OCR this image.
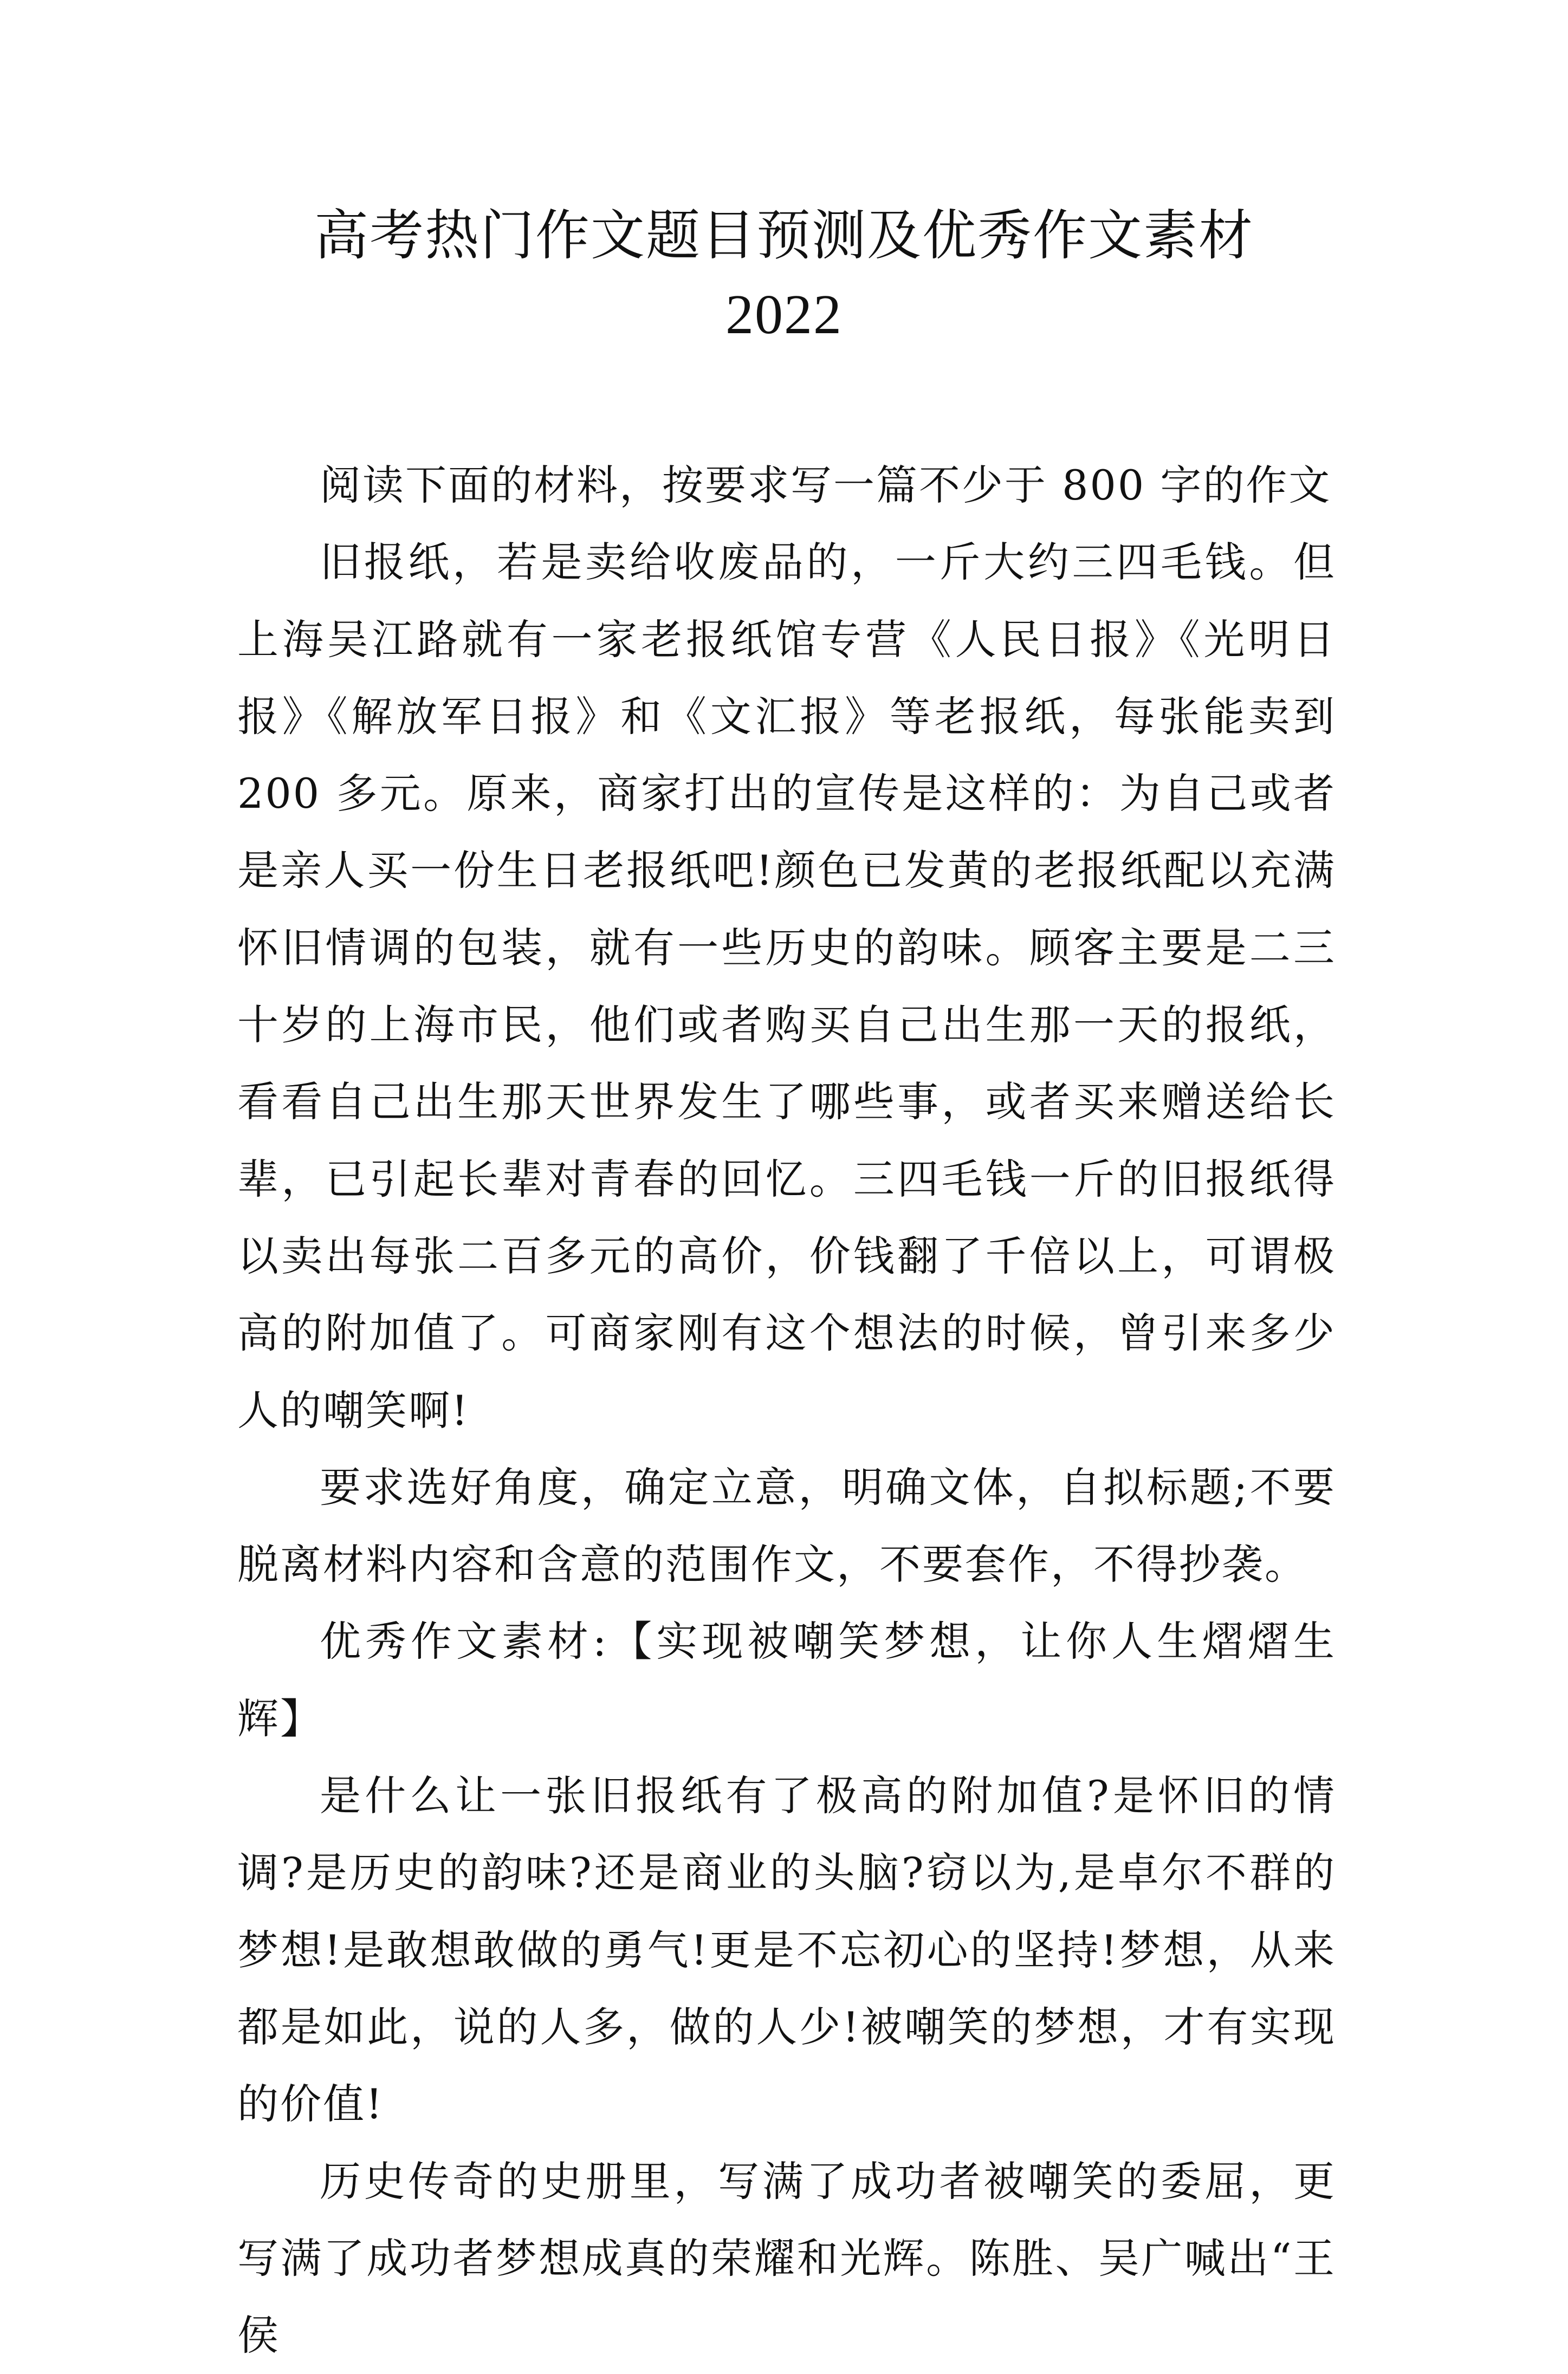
高考热门作文题目预测及优秀作文素材
2022

阅读下面的材料，按要求写一篇不少于 800 字的作文

旧报纸，若是卖给收废品的，一斤大约三四毛钱。但上海吴江路就有一家老报纸馆专营《人民日报》《光明日报》《解放军日报》和《文汇报》等老报纸，每张能卖到 200 多元。原来，商家打出的宣传是这样的：为自己或者是亲人买一份生日老报纸吧!颜色已发黄的老报纸配以充满怀旧情调的包装，就有一些历史的韵味。顾客主要是二三十岁的上海市民，他们或者购买自己出生那一天的报纸，看看自己出生那天世界发生了哪些事，或者买来赠送给长辈，已引起长辈对青春的回忆。三四毛钱一斤的旧报纸得以卖出每张二百多元的高价，价钱翻了千倍以上，可谓极高的附加值了。可商家刚有这个想法的时候，曾引来多少人的嘲笑啊!

要求选好角度，确定立意，明确文体，自拟标题;不要脱离材料内容和含意的范围作文，不要套作，不得抄袭。

优秀作文素材:【实现被嘲笑梦想，让你人生熠熠生辉】

是什么让一张旧报纸有了极高的附加值?是怀旧的情调?是历史的韵味?还是商业的头脑?窃以为,是卓尔不群的梦想!是敢想敢做的勇气!更是不忘初心的坚持!梦想，从来都是如此，说的人多，做的人少!被嘲笑的梦想，才有实现的价值!

历史传奇的史册里，写满了成功者被嘲笑的委屈，更写满了成功者梦想成真的荣耀和光辉。陈胜、吴广喊出“王侯
